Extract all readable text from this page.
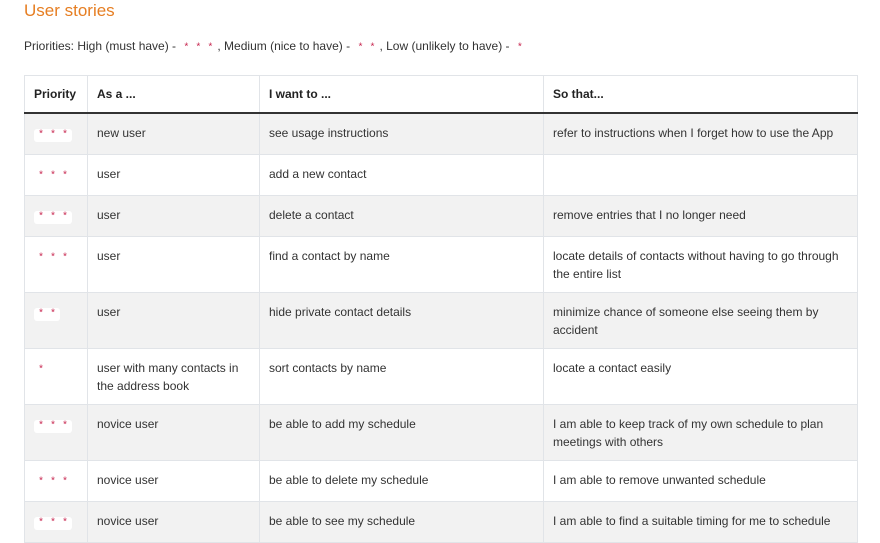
User stories
Priorities: High (must have) - * * * , Medium (nice to have) - * * , Low (unlikely to have) - *
Priority	As a ...	I want to ...	So that...
* * *	new user	see usage instructions	refer to instructions when I forget how to use the App
* * *	user	add a new contact	
* * *	user	delete a contact	remove entries that I no longer need
* * *	user	find a contact by name	locate details of contacts without having to go through the entire list
* *	user	hide private contact details	minimize chance of someone else seeing them by accident
*	user with many contacts in the address book	sort contacts by name	locate a contact easily
* * *	novice user	be able to add my schedule	I am able to keep track of my own schedule to plan meetings with others
* * *	novice user	be able to delete my schedule	I am able to remove unwanted schedule
* * *	novice user	be able to see my schedule	I am able to find a suitable timing for me to schedule
